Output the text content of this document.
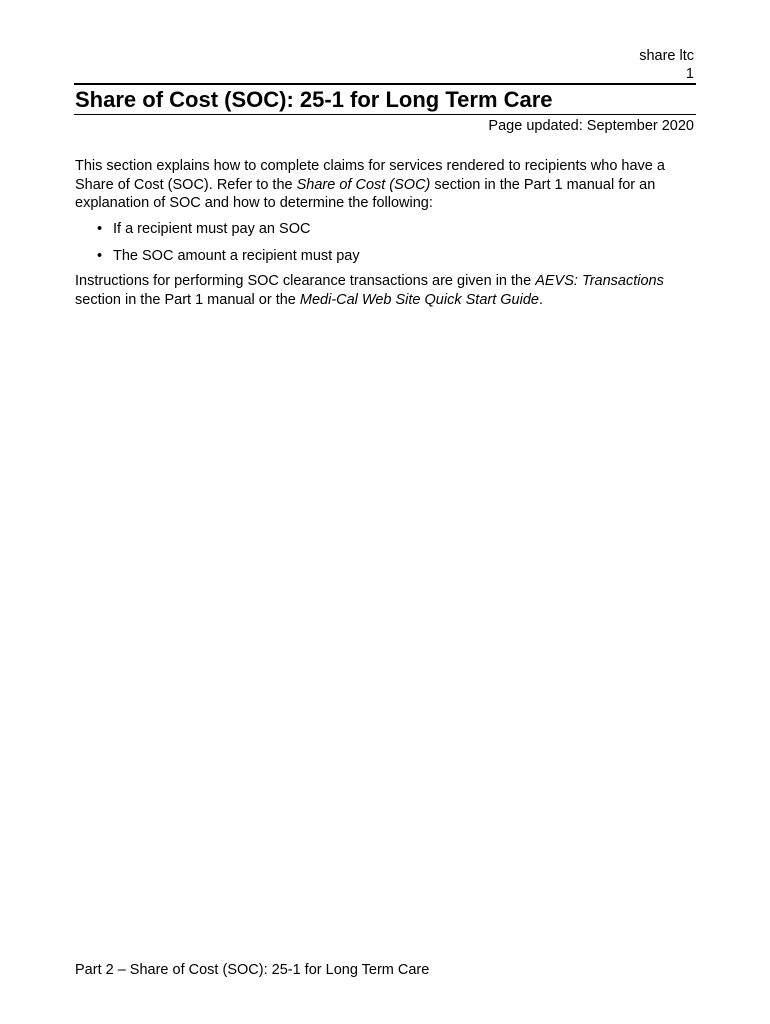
share ltc
1
Share of Cost (SOC): 25-1 for Long Term Care
Page updated: September 2020

This section explains how to complete claims for services rendered to recipients who have a Share of Cost (SOC). Refer to the Share of Cost (SOC) section in the Part 1 manual for an explanation of SOC and how to determine the following:

• If a recipient must pay an SOC
• The SOC amount a recipient must pay

Instructions for performing SOC clearance transactions are given in the AEVS: Transactions section in the Part 1 manual or the Medi-Cal Web Site Quick Start Guide.

Part 2 – Share of Cost (SOC): 25-1 for Long Term Care
